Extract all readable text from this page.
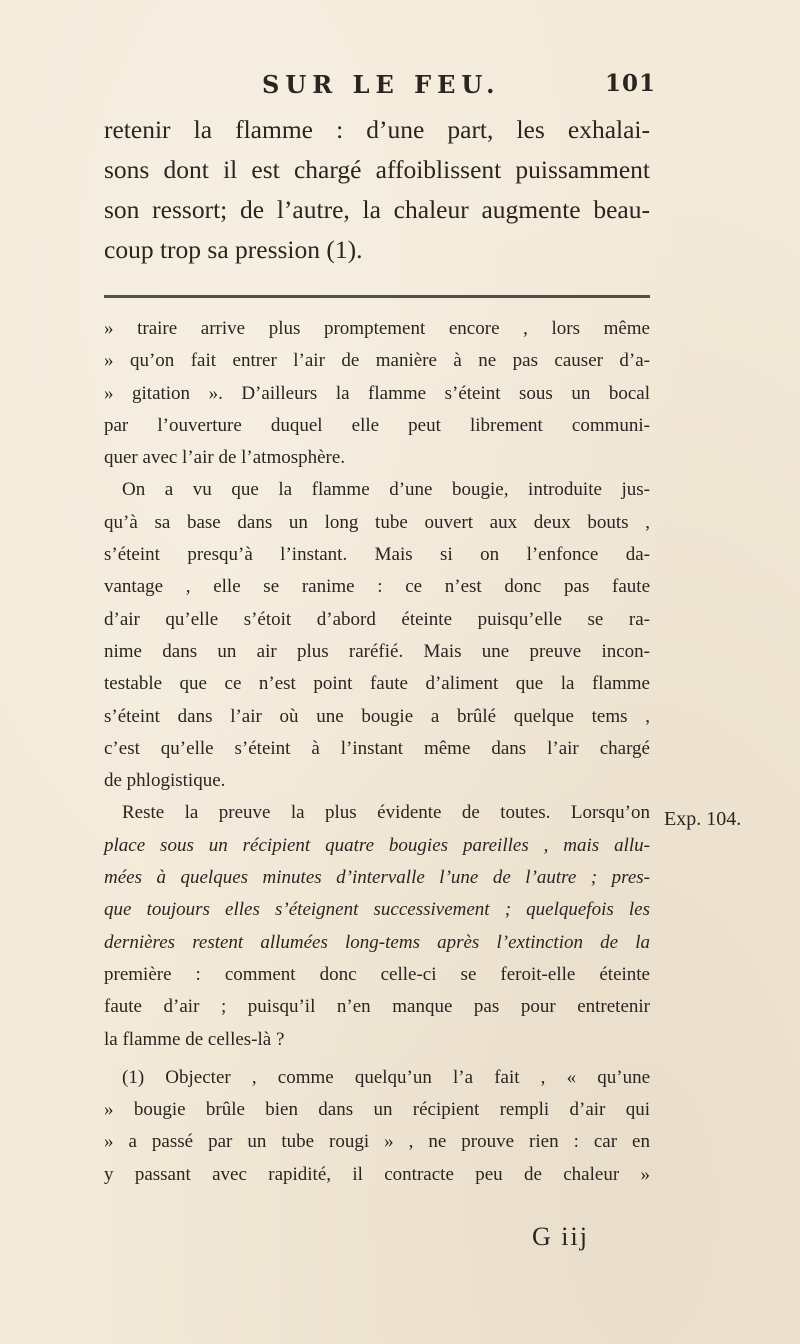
SUR LE FEU.	101
retenir la flamme : d’une part, les exhalai-
sons dont il est chargé affoiblissent puissamment
son ressort; de l’autre, la chaleur augmente beau-
coup trop sa pression (1).
» traire arrive plus promptement encore , lors même
» qu’on fait entrer l’air de manière à ne pas causer d’a-
» gitation ». D’ailleurs la flamme s’éteint sous un bocal
par l’ouverture duquel elle peut librement communi-
quer avec l’air de l’atmosphère.
On a vu que la flamme d’une bougie, introduite jus-
qu’à sa base dans un long tube ouvert aux deux bouts ,
s’éteint presqu’à l’instant. Mais si on l’enfonce da-
vantage , elle se ranime : ce n’est donc pas faute
d’air qu’elle s’étoit d’abord éteinte puisqu’elle se ra-
nime dans un air plus raréfié. Mais une preuve incon-
testable que ce n’est point faute d’aliment que la flamme
s’éteint dans l’air où une bougie a brûlé quelque tems ,
c’est qu’elle s’éteint à l’instant même dans l’air chargé
de phlogistique.
Reste la preuve la plus évidente de toutes. Lorsqu’on
place sous un récipient quatre bougies pareilles , mais allu-
mées à quelques minutes d’intervalle l’une de l’autre ; pres-
que toujours elles s’éteignent successivement ; quelquefois les
dernières restent allumées long-tems après l’extinction de la
première : comment donc celle-ci se feroit-elle éteinte
faute d’air ; puisqu’il n’en manque pas pour entretenir
la flamme de celles-là ?
(1) Objecter , comme quelqu’un l’a fait , « qu’une
» bougie brûle bien dans un récipient rempli d’air qui
» a passé par un tube rougi » , ne prouve rien : car en
y passant avec rapidité, il contracte peu de chaleur »
Exp. 104.
G iij
